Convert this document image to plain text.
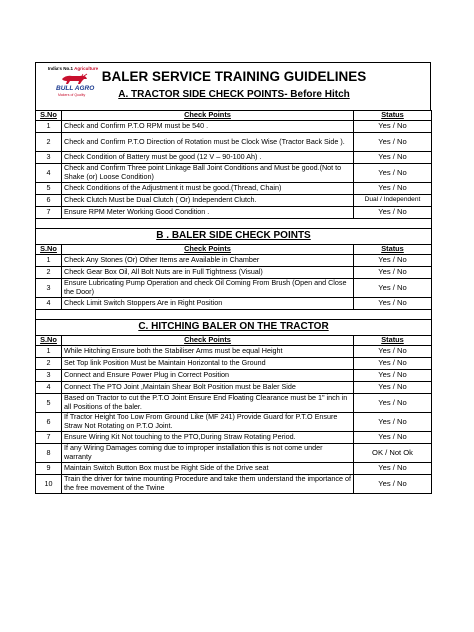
India's No.1 Agriculture
BULL AGRO
Makers of Quality
BALER SERVICE TRAINING GUIDELINES
A. TRACTOR SIDE CHECK POINTS- Before Hitch
S.No	Check Points	Status
1	Check and Confirm P.T.O RPM must be 540 .	Yes / No
2	Check and Confirm P.T.O Direction of Rotation must be Clock Wise (Tractor Back Side ).	Yes / No
3	Check Condition of Battery must be good (12 V – 90-100 Ah) .	Yes / No
4	Check and Confirm Three point Linkage Ball Joint Conditions and Must be good.(Not to Shake (or) Loose Condition)	Yes / No
5	Check Conditions of the Adjustment it must be good.(Thread, Chain)	Yes / No
6	Check Clutch Must be Dual Clutch ( Or) Independent Clutch.	Dual / Independent
7	Ensure RPM Meter Working Good Condition .	Yes / No

B . BALER SIDE CHECK POINTS		
S.No	Check Points	Status
1	Check Any Stones (Or) Other Items are Available in Chamber	Yes / No
2	Check Gear Box Oil, All Bolt Nuts are in Full Tightness (Visual)	Yes / No
3	Ensure Lubricating Pump Operation and check Oil Coming From Brush (Open and Close the Door)	Yes / No
4	Check Limit Switch Stoppers Are in Right Position	Yes / No

C. HITCHING BALER ON THE TRACTOR		
S.No	Check Points	Status
1	While Hitching Ensure both the Stabiliser Arms must be equal Height	Yes / No
2	Set Top link Position Must be Maintain Horizontal to the Ground	Yes / No
3	Connect and Ensure Power Plug in Correct Position	Yes / No
4	Connect The PTO Joint ,Maintain Shear Bolt Position must be Baler Side	Yes / No
5	Based on Tractor to cut the P.T.O Joint Ensure End Floating Clearance must be 1" inch in all Positions of the baler.	Yes / No
6	If Tractor Height Too Low From Ground Like (MF 241) Provide Guard for P.T.O Ensure Straw Not Rotating on P.T.O Joint.	Yes / No
7	Ensure Wiring Kit Not touching to the PTO,During Straw Rotating Period.	Yes / No
8	If any Wiring Damages coming due to improper installation this is not come under warranty	OK / Not Ok
9	Maintain Switch Button Box must be Right Side of the Drive seat	Yes / No
10	Train the driver for twine mounting Procedure and take them understand the importance of the free movement of the Twine	Yes / No
